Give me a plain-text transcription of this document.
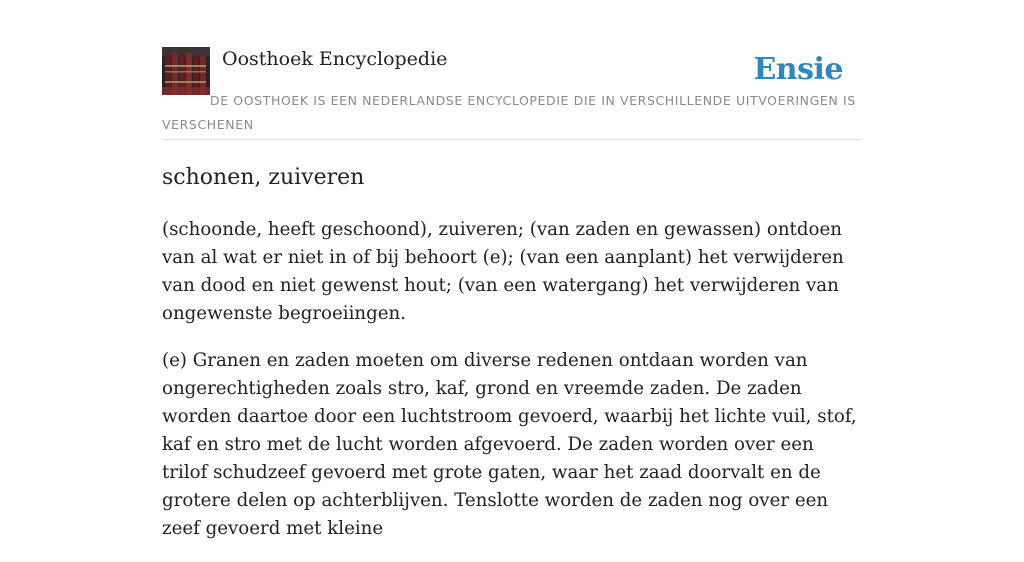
Oosthoek Encyclopedie	Ensie
DE OOSTHOEK IS EEN NEDERLANDSE ENCYCLOPEDIE DIE IN VERSCHILLENDE UITVOERINGEN IS VERSCHENEN
schonen, zuiveren

(schoonde, heeft geschoond), zuiveren; (van zaden en gewassen) ontdoen van al wat er niet in of bij behoort (e); (van een aanplant) het verwijderen van dood en niet gewenst hout; (van een watergang) het verwijderen van ongewenste begroeiingen.

(e) Granen en zaden moeten om diverse redenen ontdaan worden van ongerechtigheden zoals stro, kaf, grond en vreemde zaden. De zaden worden daartoe door een luchtstroom gevoerd, waarbij het lichte vuil, stof, kaf en stro met de lucht worden afgevoerd. De zaden worden over een trilof schudzeef gevoerd met grote gaten, waar het zaad doorvalt en de grotere delen op achterblijven. Tenslotte worden de zaden nog over een zeef gevoerd met kleine
